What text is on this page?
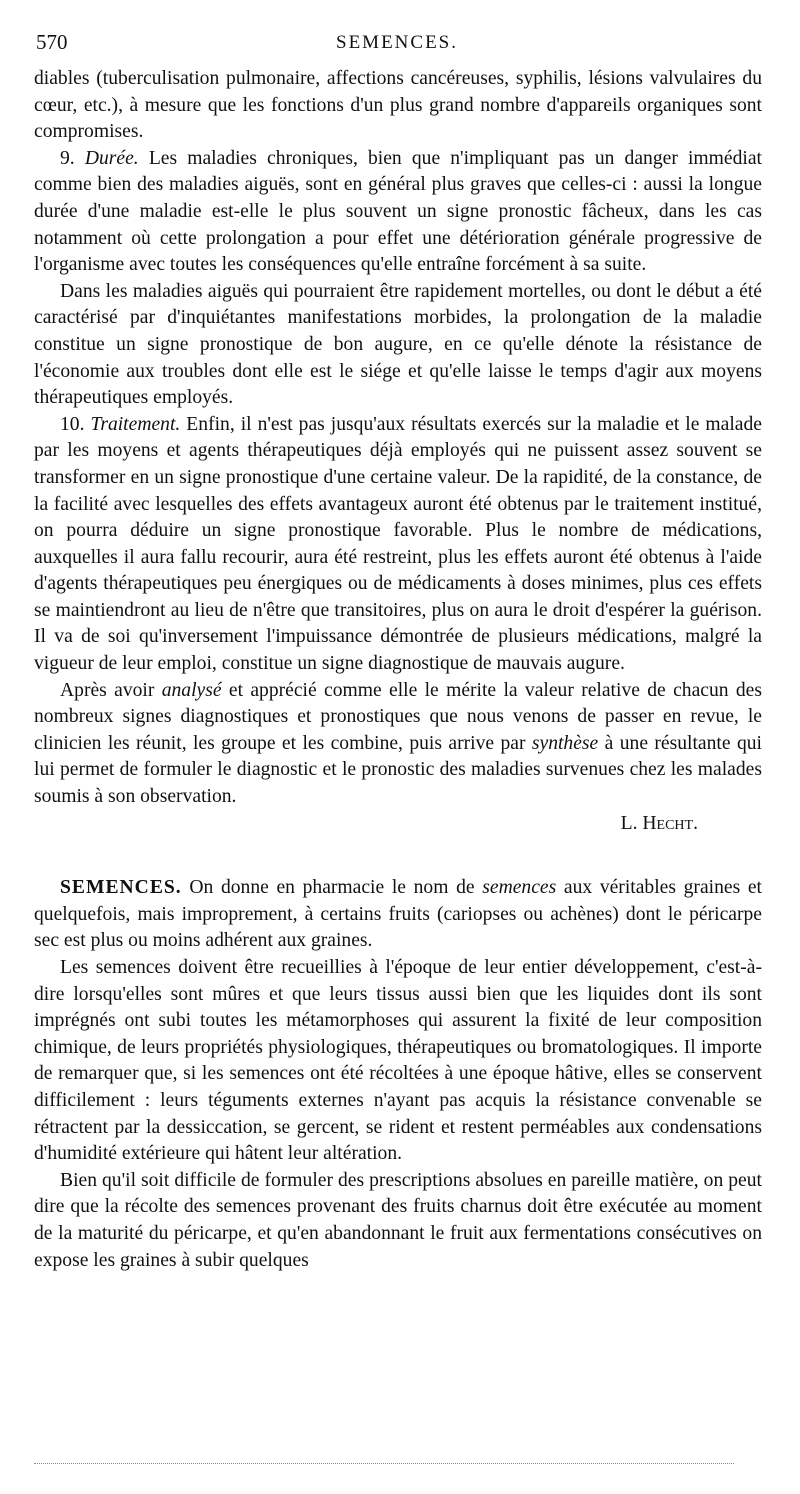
570	SEMENCES.

diables (tuberculisation pulmonaire, affections cancéreuses, syphilis, lésions valvulaires du cœur, etc.), à mesure que les fonctions d'un plus grand nombre d'appareils organiques sont compromises.

9. Durée. Les maladies chroniques, bien que n'impliquant pas un danger immédiat comme bien des maladies aiguës, sont en général plus graves que celles-ci : aussi la longue durée d'une maladie est-elle le plus souvent un signe pronostic fâcheux, dans les cas notamment où cette prolongation a pour effet une détérioration générale progressive de l'organisme avec toutes les conséquences qu'elle entraîne forcément à sa suite.

Dans les maladies aiguës qui pourraient être rapidement mortelles, ou dont le début a été caractérisé par d'inquiétantes manifestations morbides, la prolongation de la maladie constitue un signe pronostique de bon augure, en ce qu'elle dénote la résistance de l'économie aux troubles dont elle est le siége et qu'elle laisse le temps d'agir aux moyens thérapeutiques employés.

10. Traitement. Enfin, il n'est pas jusqu'aux résultats exercés sur la maladie et le malade par les moyens et agents thérapeutiques déjà employés qui ne puissent assez souvent se transformer en un signe pronostique d'une certaine valeur. De la rapidité, de la constance, de la facilité avec lesquelles des effets avantageux auront été obtenus par le traitement institué, on pourra déduire un signe pronostique favorable. Plus le nombre de médications, auxquelles il aura fallu recourir, aura été restreint, plus les effets auront été obtenus à l'aide d'agents thérapeutiques peu énergiques ou de médicaments à doses minimes, plus ces effets se maintiendront au lieu de n'être que transitoires, plus on aura le droit d'espérer la guérison. Il va de soi qu'inversement l'impuissance démontrée de plusieurs médications, malgré la vigueur de leur emploi, constitue un signe diagnostique de mauvais augure.

Après avoir analysé et apprécié comme elle le mérite la valeur relative de chacun des nombreux signes diagnostiques et pronostiques que nous venons de passer en revue, le clinicien les réunit, les groupe et les combine, puis arrive par synthèse à une résultante qui lui permet de formuler le diagnostic et le pronostic des maladies survenues chez les malades soumis à son observation.

L. Hecht.

SEMENCES. On donne en pharmacie le nom de semences aux véritables graines et quelquefois, mais improprement, à certains fruits (cariopses ou achènes) dont le péricarpe sec est plus ou moins adhérent aux graines.

Les semences doivent être recueillies à l'époque de leur entier développement, c'est-à-dire lorsqu'elles sont mûres et que leurs tissus aussi bien que les liquides dont ils sont imprégnés ont subi toutes les métamorphoses qui assurent la fixité de leur composition chimique, de leurs propriétés physiologiques, thérapeutiques ou bromatologiques. Il importe de remarquer que, si les semences ont été récoltées à une époque hâtive, elles se conservent difficilement : leurs téguments externes n'ayant pas acquis la résistance convenable se rétractent par la dessiccation, se gercent, se rident et restent perméables aux condensations d'humidité extérieure qui hâtent leur altération.

Bien qu'il soit difficile de formuler des prescriptions absolues en pareille matière, on peut dire que la récolte des semences provenant des fruits charnus doit être exécutée au moment de la maturité du péricarpe, et qu'en abandonnant le fruit aux fermentations consécutives on expose les graines à subir quelques
